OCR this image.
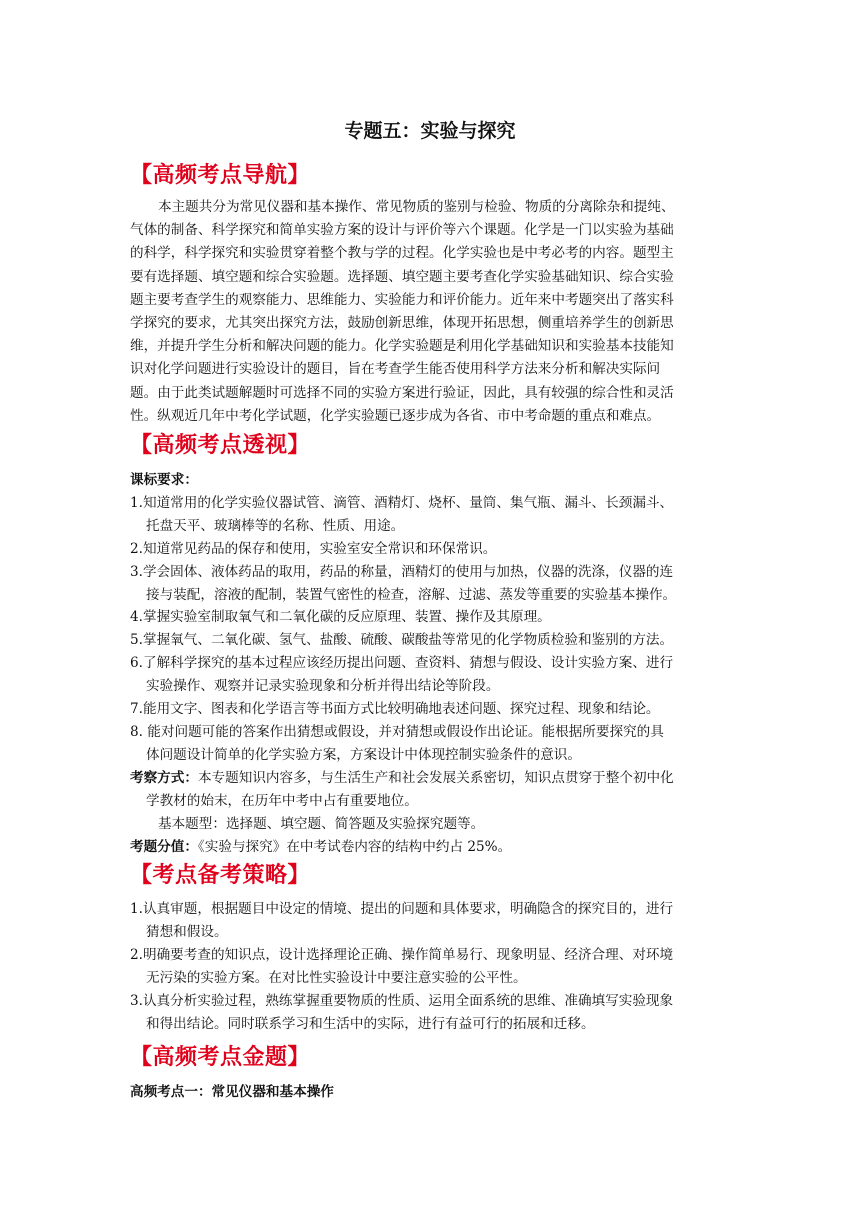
专题五：实验与探究
【高频考点导航】
本主题共分为常见仪器和基本操作、常见物质的鉴别与检验、物质的分离除杂和提纯、
气体的制备、科学探究和简单实验方案的设计与评价等六个课题。化学是一门以实验为基础
的科学，科学探究和实验贯穿着整个教与学的过程。化学实验也是中考必考的内容。题型主
要有选择题、填空题和综合实验题。选择题、填空题主要考查化学实验基础知识、综合实验
题主要考查学生的观察能力、思维能力、实验能力和评价能力。近年来中考题突出了落实科
学探究的要求，尤其突出探究方法，鼓励创新思维，体现开拓思想，侧重培养学生的创新思
维，并提升学生分析和解决问题的能力。化学实验题是利用化学基础知识和实验基本技能知
识对化学问题进行实验设计的题目，旨在考查学生能否使用科学方法来分析和解决实际问
题。由于此类试题解题时可选择不同的实验方案进行验证，因此，具有较强的综合性和灵活
性。纵观近几年中考化学试题，化学实验题已逐步成为各省、市中考命题的重点和难点。
【高频考点透视】
课标要求：
1.知道常用的化学实验仪器试管、滴管、酒精灯、烧杯、量筒、集气瓶、漏斗、长颈漏斗、
托盘天平、玻璃棒等的名称、性质、用途。
2.知道常见药品的保存和使用，实验室安全常识和环保常识。
3.学会固体、液体药品的取用，药品的称量，酒精灯的使用与加热，仪器的洗涤，仪器的连
接与装配，溶液的配制，装置气密性的检查，溶解、过滤、蒸发等重要的实验基本操作。
4.掌握实验室制取氧气和二氧化碳的反应原理、装置、操作及其原理。
5.掌握氧气、二氧化碳、氢气、盐酸、硫酸、碳酸盐等常见的化学物质检验和鉴别的方法。
6.了解科学探究的基本过程应该经历提出问题、查资料、猜想与假设、设计实验方案、进行
实验操作、观察并记录实验现象和分析并得出结论等阶段。
7.能用文字、图表和化学语言等书面方式比较明确地表述问题、探究过程、现象和结论。
8. 能对问题可能的答案作出猜想或假设，并对猜想或假设作出论证。能根据所要探究的具
体问题设计简单的化学实验方案，方案设计中体现控制实验条件的意识。
考察方式：本专题知识内容多，与生活生产和社会发展关系密切，知识点贯穿于整个初中化
学教材的始末，在历年中考中占有重要地位。
基本题型：选择题、填空题、简答题及实验探究题等。
考题分值：《实验与探究》在中考试卷内容的结构中约占 25%。
【考点备考策略】
1.认真审题，根据题目中设定的情境、提出的问题和具体要求，明确隐含的探究目的，进行
猜想和假设。
2.明确要考查的知识点，设计选择理论正确、操作简单易行、现象明显、经济合理、对环境
无污染的实验方案。在对比性实验设计中要注意实验的公平性。
3.认真分析实验过程，熟练掌握重要物质的性质、运用全面系统的思维、准确填写实验现象
和得出结论。同时联系学习和生活中的实际，进行有益可行的拓展和迁移。
【高频考点金题】
高频考点一：常见仪器和基本操作
